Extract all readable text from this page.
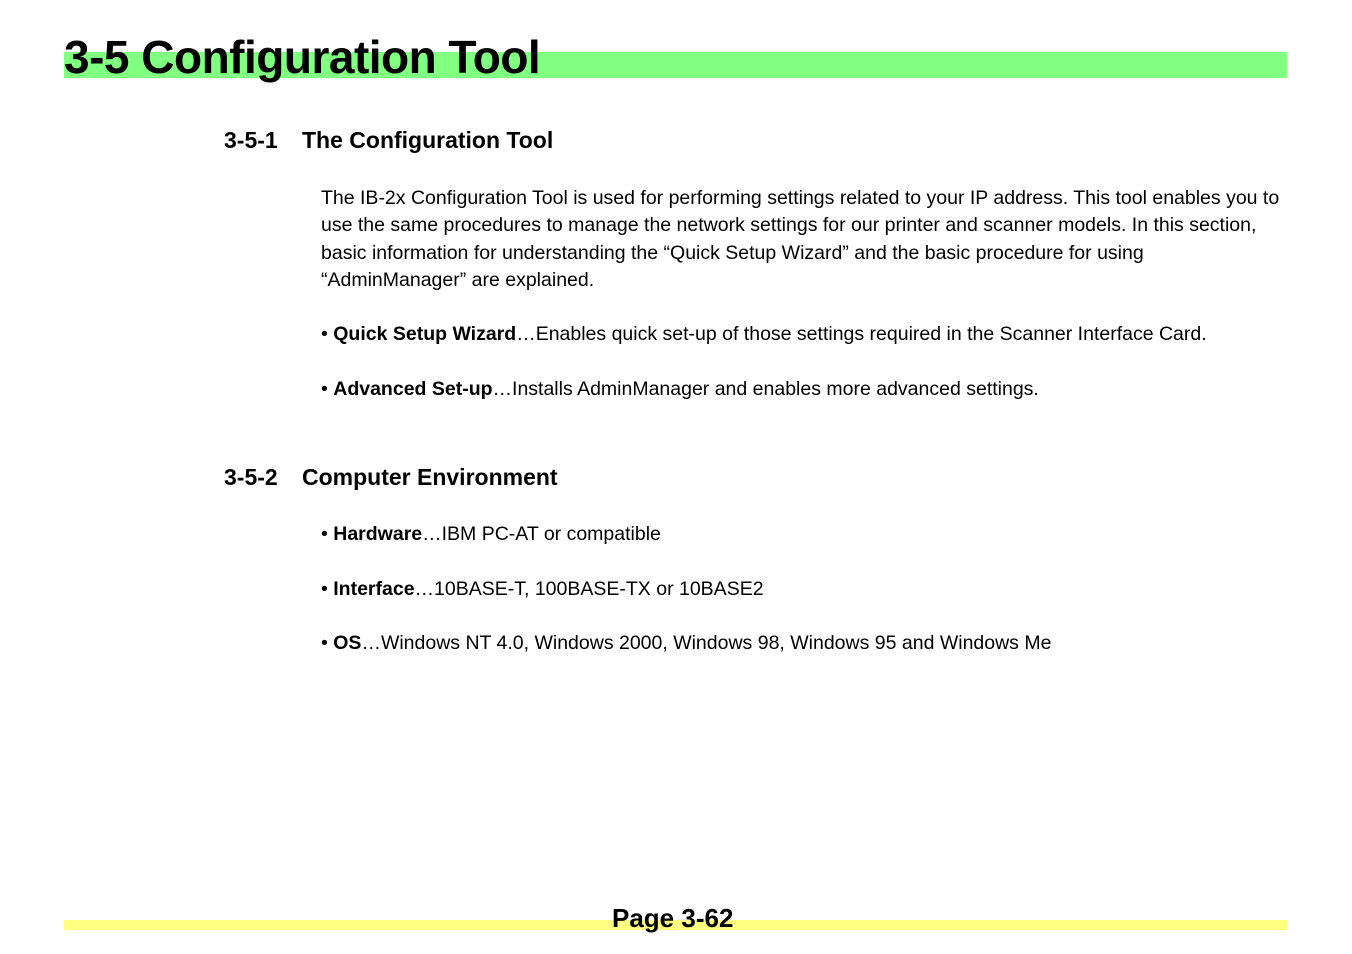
3-5 Configuration Tool
3-5-1 The Configuration Tool

The IB-2x Configuration Tool is used for performing settings related to your IP address. This tool enables you to use the same procedures to manage the network settings for our printer and scanner models. In this section, basic information for understanding the “Quick Setup Wizard” and the basic procedure for using “AdminManager” are explained.

• Quick Setup Wizard…Enables quick set-up of those settings required in the Scanner Interface Card.

• Advanced Set-up…Installs AdminManager and enables more advanced settings.

3-5-2 Computer Environment

• Hardware…IBM PC-AT or compatible

• Interface…10BASE-T, 100BASE-TX or 10BASE2

• OS…Windows NT 4.0, Windows 2000, Windows 98, Windows 95 and Windows Me

Page 3-62
